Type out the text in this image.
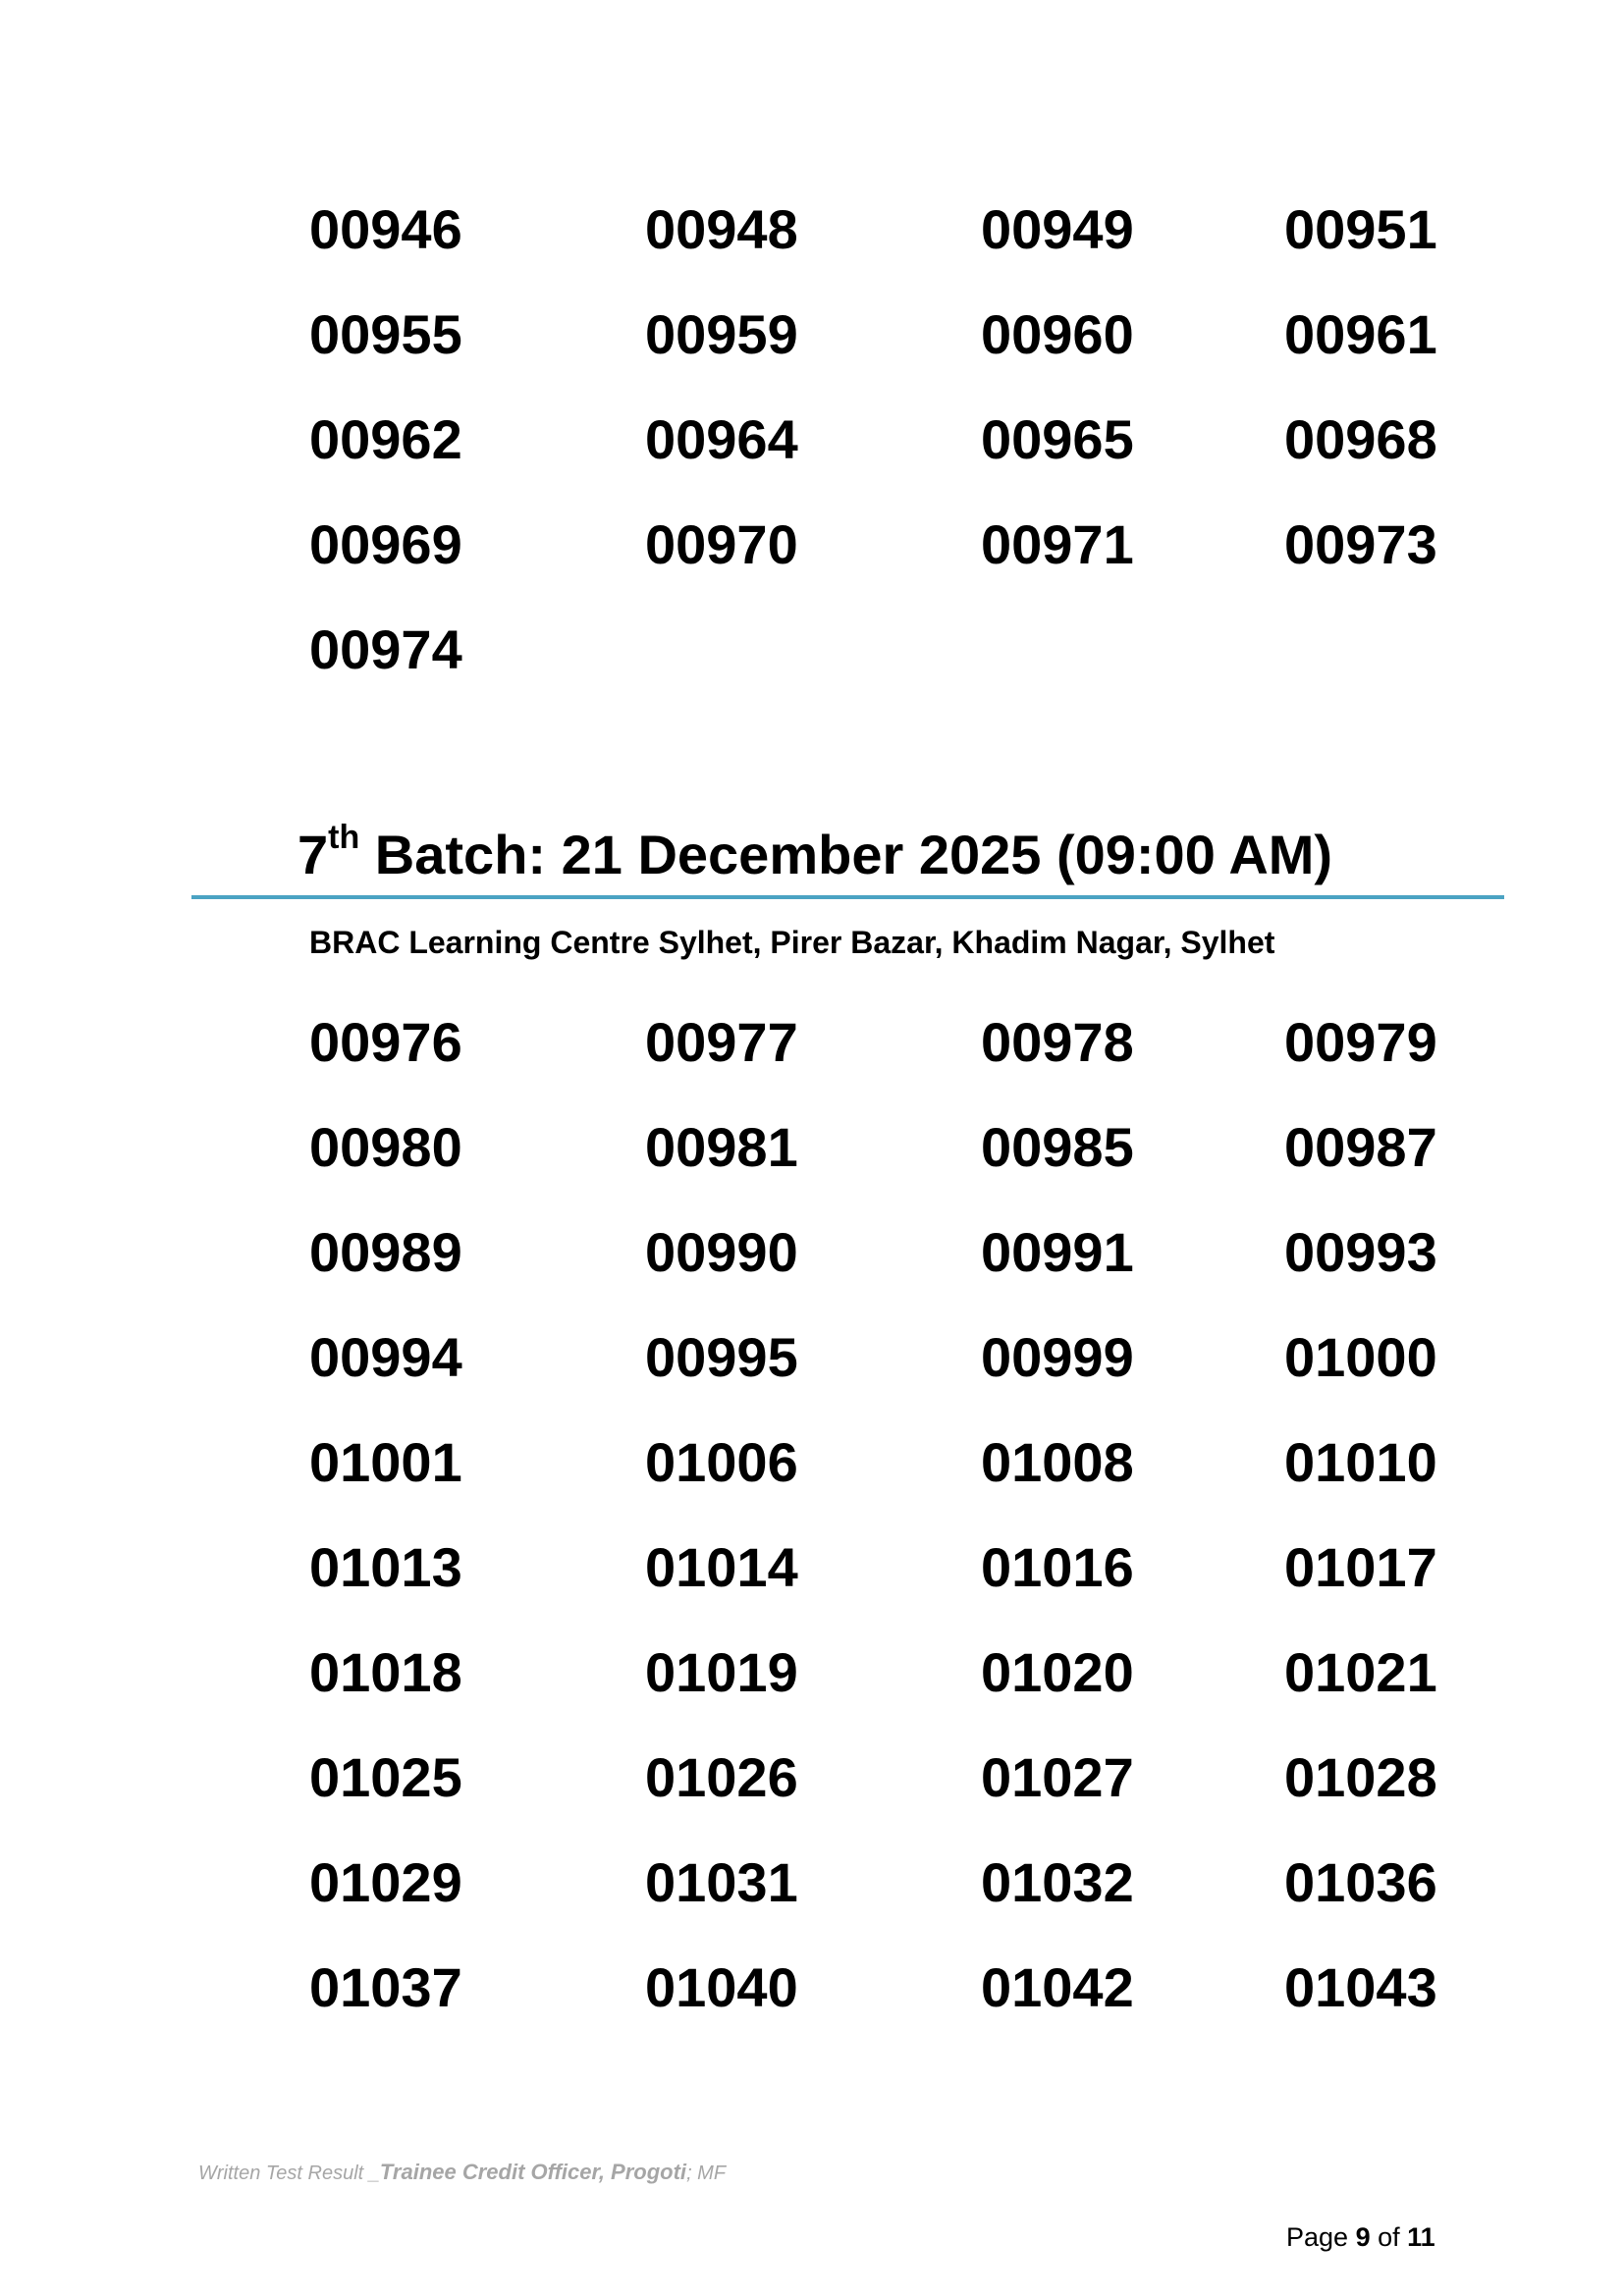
00946	00948	00949	00951
00955	00959	00960	00961
00962	00964	00965	00968
00969	00970	00971	00973
00974
7th Batch: 21 December 2025 (09:00 AM)
BRAC Learning Centre Sylhet, Pirer Bazar, Khadim Nagar, Sylhet
00976	00977	00978	00979
00980	00981	00985	00987
00989	00990	00991	00993
00994	00995	00999	01000
01001	01006	01008	01010
01013	01014	01016	01017
01018	01019	01020	01021
01025	01026	01027	01028
01029	01031	01032	01036
01037	01040	01042	01043
Written Test Result _Trainee Credit Officer, Progoti; MF
Page 9 of 11
